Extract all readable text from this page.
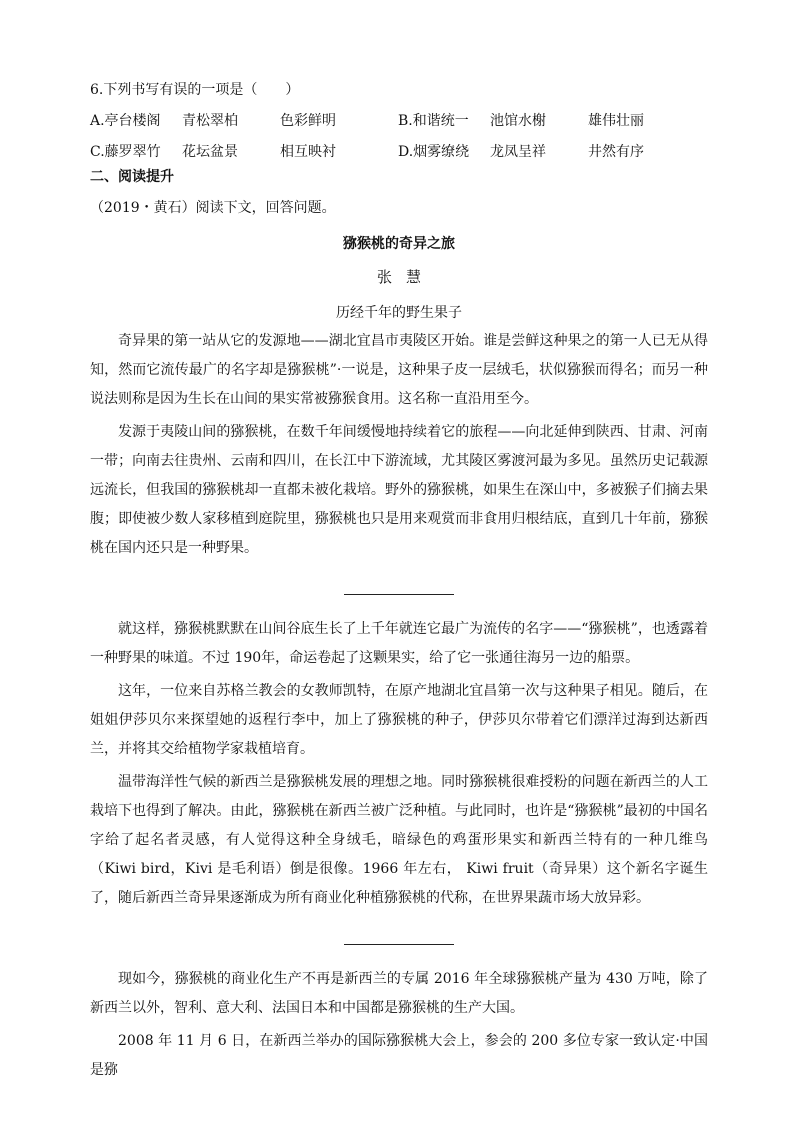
6.下列书写有误的一项是（　　）

A.亭台楼阁	青松翠柏	色彩鲜明	B.和谐统一	池馆水榭	雄伟壮丽
C.藤罗翠竹	花坛盆景	相互映衬	D.烟雾缭绕	龙凤呈祥	井然有序
二、阅读提升
（2019・黄石）阅读下文，回答问题。
猕猴桃的奇异之旅
张慧
历经千年的野生果子

奇异果的第一站从它的发源地——湖北宜昌市夷陵区开始。谁是尝鲜这种果之的第一人已无从得知，然而它流传最广的名字却是猕猴桃”·一说是，这种果子皮一层绒毛，状似猕猴而得名；而另一种说法则称是因为生长在山间的果实常被猕猴食用。这名称一直沿用至今。

发源于夷陵山间的猕猴桃，在数千年间缓慢地持续着它的旅程——向北延伸到陕西、甘肃、河南一带；向南去往贵州、云南和四川，在长江中下游流域，尤其陵区雾渡河最为多见。虽然历史记载源远流长，但我国的猕猴桃却一直都未被化栽培。野外的猕猴桃，如果生在深山中，多被猴子们摘去果腹；即使被少数人家移植到庭院里，猕猴桃也只是用来观赏而非食用归根结底，直到几十年前，猕猴桃在国内还只是一种野果。

就这样，猕猴桃默默在山间谷底生长了上千年就连它最广为流传的名字——“猕猴桃”，也透露着一种野果的味道。不过 190年，命运卷起了这颗果实，给了它一张通往海另一边的船票。

这年，一位来自苏格兰教会的女教师凯特，在原产地湖北宜昌第一次与这种果子相见。随后，在姐姐伊莎贝尔来探望她的返程行李中，加上了猕猴桃的种子，伊莎贝尔带着它们漂洋过海到达新西兰，并将其交给植物学家栽植培育。

温带海洋性气候的新西兰是猕猴桃发展的理想之地。同时猕猴桃很难授粉的问题在新西兰的人工栽培下也得到了解决。由此，猕猴桃在新西兰被广泛种植。与此同时，也许是“猕猴桃”最初的中国名字给了起名者灵感，有人觉得这种全身绒毛，暗绿色的鸡蛋形果实和新西兰特有的一种几维鸟（Kiwi bird，Kivi 是毛利语）倒是很像。1966 年左右， Kiwi fruit（奇异果）这个新名字诞生了，随后新西兰奇异果逐渐成为所有商业化种植猕猴桃的代称，在世界果蔬市场大放异彩。

现如今，猕猴桃的商业化生产不再是新西兰的专属 2016 年全球猕猴桃产量为 430 万吨，除了新西兰以外，智利、意大利、法国日本和中国都是猕猴桃的生产大国。

2008 年 11 月 6 日，在新西兰举办的国际猕猴桃大会上，参会的 200 多位专家一致认定·中国是猕
